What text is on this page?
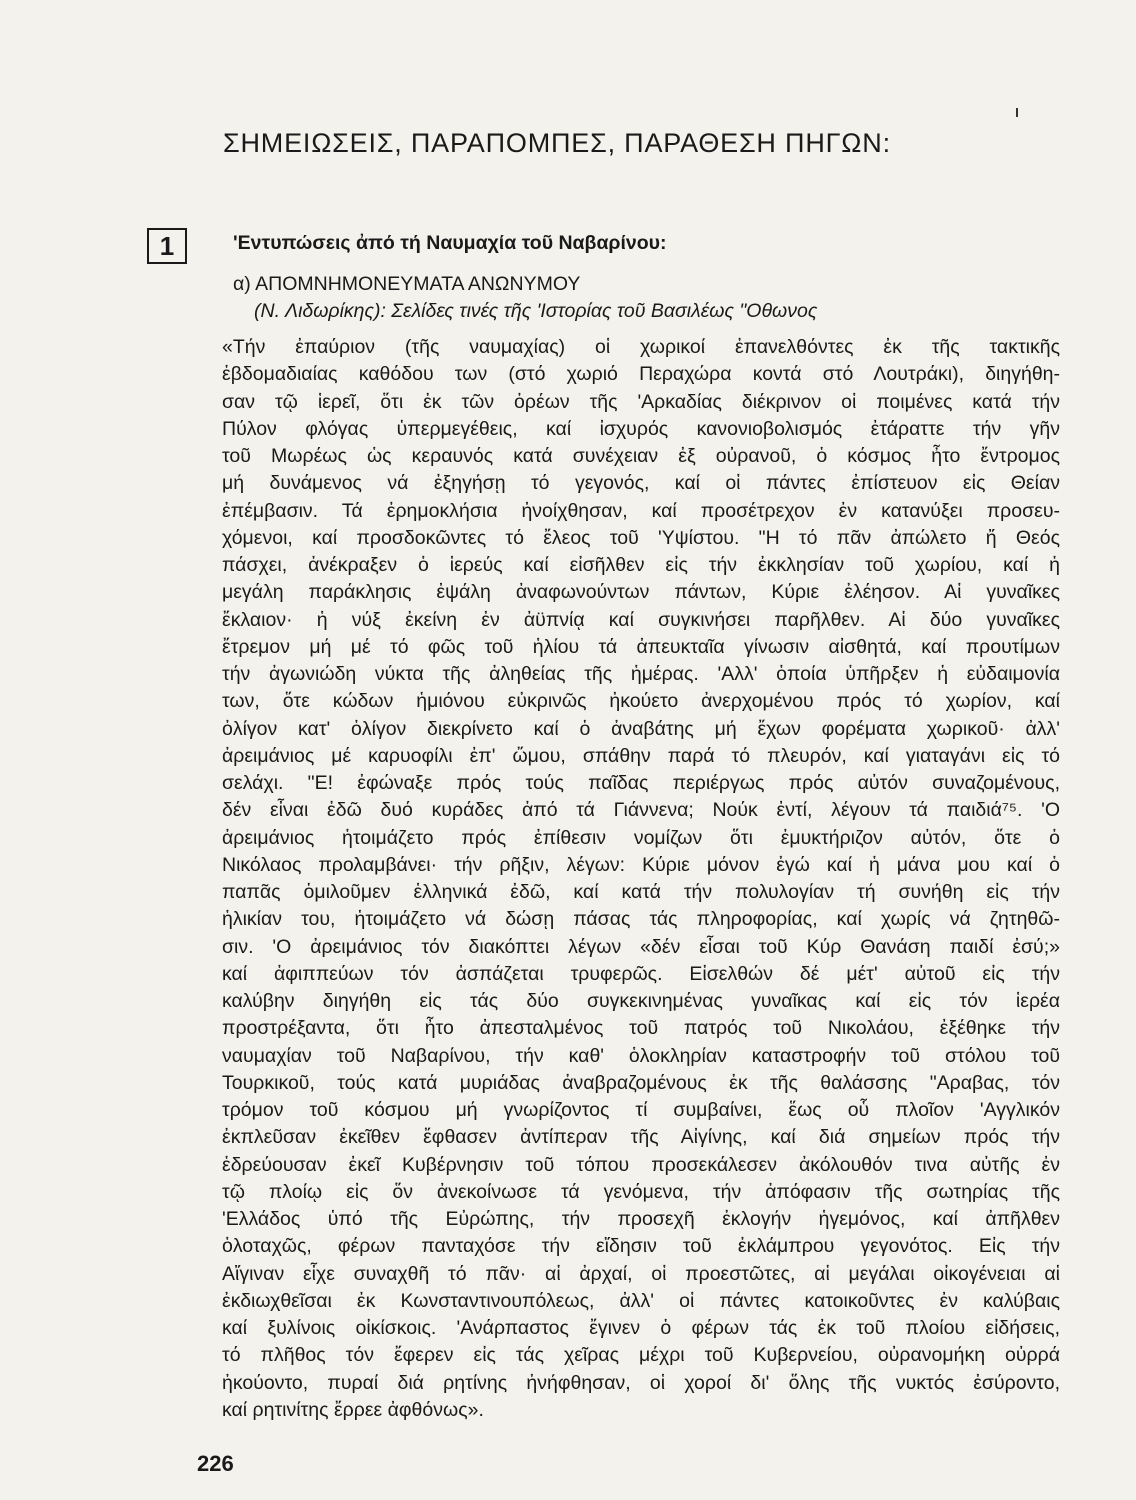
ΣΗΜΕΙΩΣΕΙΣ, ΠΑΡΑΠΟΜΠΕΣ, ΠΑΡΑΘΕΣΗ ΠΗΓΩΝ:
1	'Εντυπώσεις ἀπό τή Ναυμαχία τοῦ Ναβαρίνου:
α) ΑΠΟΜΝΗΜΟΝΕΥΜΑΤΑ ΑΝΩΝΥΜΟΥ
(Ν. Λιδωρίκης): Σελίδες τινές τῆς 'Ιστορίας τοῦ Βασιλέως "Οθωνος
«Τήν ἐπαύριον (τῆς ναυμαχίας) οἱ χωρικοί ἐπανελθόντες ἐκ τῆς τακτικῆς
ἑβδομαδιαίας καθόδου των (στό χωριό Περαχώρα κοντά στό Λουτράκι), διηγήθη-
σαν τῷ ἱερεῖ, ὅτι ἐκ τῶν ὀρέων τῆς 'Αρκαδίας διέκρινον οἱ ποιμένες κατά τήν
Πύλον φλόγας ὑπερμεγέθεις, καί ἰσχυρός κανονιοβολισμός ἐτάραττε τήν γῆν
τοῦ Μωρέως ὡς κεραυνός κατά συνέχειαν ἐξ οὐρανοῦ, ὁ κόσμος ἦτο ἔντρομος
μή δυνάμενος νά ἐξηγήσῃ τό γεγονός, καί οἱ πάντες ἐπίστευον εἰς Θείαν
ἐπέμβασιν. Τά ἐρημοκλήσια ἠνοίχθησαν, καί προσέτρεχον ἐν κατανύξει προσευ-
χόμενοι, καί προσδοκῶντες τό ἔλεος τοῦ 'Υψίστου. "Η τό πᾶν ἀπώλετο ἤ Θεός
πάσχει, ἀνέκραξεν ὁ ἱερεύς καί εἰσῆλθεν εἰς τήν ἐκκλησίαν τοῦ χωρίου, καί ἡ
μεγάλη παράκλησις ἐψάλη ἀναφωνούντων πάντων, Κύριε ἐλέησον. Αἱ γυναῖκες
ἔκλαιον· ἡ νύξ ἐκείνη ἐν ἀϋπνίᾳ καί συγκινήσει παρῆλθεν. Αἱ δύο γυναῖκες
ἔτρεμον μή μέ τό φῶς τοῦ ἡλίου τά ἀπευκταῖα γίνωσιν αἰσθητά, καί προυτίμων
τήν ἀγωνιώδη νύκτα τῆς ἀληθείας τῆς ἡμέρας. 'Αλλ' ὁποία ὑπῆρξεν ἡ εὐδαιμονία
των, ὅτε κώδων ἡμιόνου εὐκρινῶς ἠκούετο ἀνερχομένου πρός τό χωρίον, καί
ὀλίγον κατ' ὀλίγον διεκρίνετο καί ὁ ἀναβάτης μή ἔχων φορέματα χωρικοῦ· ἀλλ'
ἀρειμάνιος μέ καρυοφίλι ἐπ' ὤμου, σπάθην παρά τό πλευρόν, καί γιαταγάνι εἰς τό
σελάχι. "Ε! ἐφώναξε πρός τούς παῖδας περιέργως πρός αὐτόν συναζομένους,
δέν εἶναι ἐδῶ δυό κυράδες ἀπό τά Γιάννενα; Νούκ ἐντί, λέγουν τά παιδιά⁷⁵. 'Ο
ἀρειμάνιος ἡτοιμάζετο πρός ἐπίθεσιν νομίζων ὅτι ἐμυκτήριζον αὐτόν, ὅτε ὁ
Νικόλαος προλαμβάνει· τήν ρῆξιν, λέγων: Κύριε μόνον ἐγώ καί ἡ μάνα μου καί ὁ
παπᾶς ὁμιλοῦμεν ἑλληνικά ἐδῶ, καί κατά τήν πολυλογίαν τή συνήθη εἰς τήν
ἡλικίαν του, ἡτοιμάζετο νά δώσῃ πάσας τάς πληροφορίας, καί χωρίς νά ζητηθῶ-
σιν. 'Ο ἀρειμάνιος τόν διακόπτει λέγων «δέν εἶσαι τοῦ Κύρ Θανάση παιδί ἐσύ;»
καί ἀφιππεύων τόν ἀσπάζεται τρυφερῶς. Εἰσελθών δέ μέτ' αὐτοῦ εἰς τήν
καλύβην διηγήθη εἰς τάς δύο συγκεκινημένας γυναῖκας καί εἰς τόν ἱερέα
προστρέξαντα, ὅτι ἦτο ἀπεσταλμένος τοῦ πατρός τοῦ Νικολάου, ἐξέθηκε τήν
ναυμαχίαν τοῦ Ναβαρίνου, τήν καθ' ὁλοκληρίαν καταστροφήν τοῦ στόλου τοῦ
Τουρκικοῦ, τούς κατά μυριάδας ἀναβραζομένους ἐκ τῆς θαλάσσης "Αραβας, τόν
τρόμον τοῦ κόσμου μή γνωρίζοντος τί συμβαίνει, ἕως οὗ πλοῖον 'Αγγλικόν
ἐκπλεῦσαν ἐκεῖθεν ἔφθασεν ἀντίπεραν τῆς Αἰγίνης, καί διά σημείων πρός τήν
ἑδρεύουσαν ἐκεῖ Κυβέρνησιν τοῦ τόπου προσεκάλεσεν ἀκόλουθόν τινα αὐτῆς ἐν
τῷ πλοίῳ εἰς ὅν ἀνεκοίνωσε τά γενόμενα, τήν ἀπόφασιν τῆς σωτηρίας τῆς
'Ελλάδος ὑπό τῆς Εὐρώπης, τήν προσεχῆ ἐκλογήν ἡγεμόνος, καί ἀπῆλθεν
ὁλοταχῶς, φέρων πανταχόσε τήν εἴδησιν τοῦ ἐκλάμπρου γεγονότος. Εἰς τήν
Αἴγιναν εἶχε συναχθῆ τό πᾶν· αἱ ἀρχαί, οἱ προεστῶτες, αἱ μεγάλαι οἰκογένειαι αἱ
ἐκδιωχθεῖσαι ἐκ Κωνσταντινουπόλεως, ἀλλ' οἱ πάντες κατοικοῦντες ἐν καλύβαις
καί ξυλίνοις οἰκίσκοις. 'Ανάρπαστος ἔγινεν ὁ φέρων τάς ἐκ τοῦ πλοίου εἰδήσεις,
τό πλῆθος τόν ἔφερεν εἰς τάς χεῖρας μέχρι τοῦ Κυβερνείου, οὐρανομήκη οὐρρά
ἠκούοντο, πυραί διά ρητίνης ἠνήφθησαν, οἱ χοροί δι' ὅλης τῆς νυκτός ἐσύροντο,
καί ρητινίτης ἔρρεε ἀφθόνως».
226
